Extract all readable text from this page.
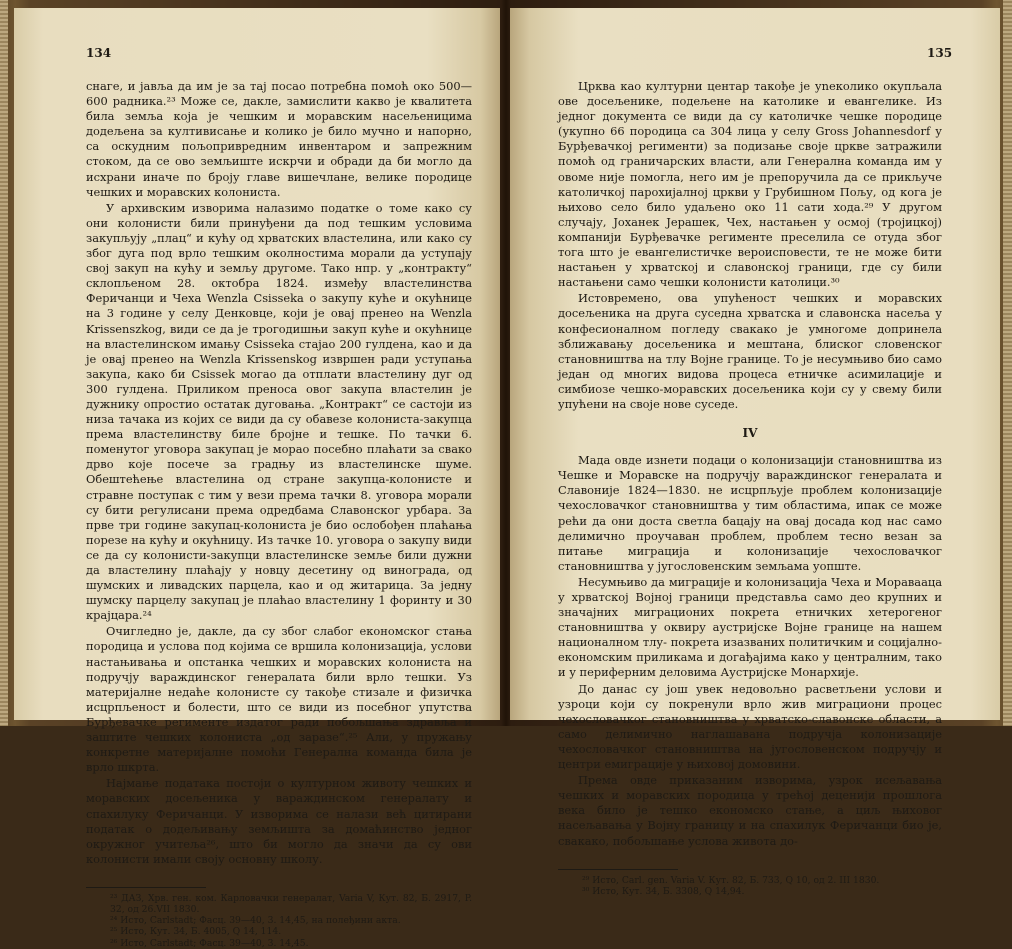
134

снаге, и јавља да им је за тај посао потребна помоћ око 500—600 радника.²³ Може се, дакле, замислити какво је квалитета била земља која је чешким и моравским насељеницима додељена за култивисање и колико је било мучно и напорно, са оскудним пољопривредним инвентаром и запрежним стоком, да се ово земљиште искрчи и обради да би могло да исхрани иначе по броју главе вишечлане, велике породице чешких и моравских колониста.

У архивским изворима налазимо податке о томе како су они колонисти били принуђени да под тешким условима закупљују „плац“ и кућу од хрватских властелина, или како су због дуга под врло тешким околностима морали да уступају свој закуп на кућу и земљу другоме. Тако нпр. у „контракту“ склопљеном 28. октобра 1824. између властелинства Феричанци и Чеха Wenzla Csisseka о закупу куће и окућнице на 3 године у селу Денковце, који је овај пренео на Wenzla Krissenszkog, види се да је трогодишњи закуп куће и окућнице на властелинском имању Csisseka стајао 200 гулдена, као и да је овај пренео на Wenzla Krissenskog извршен ради уступања закупа, како би Csissek могао да отплати властелину дуг од 300 гулдена. Приликом преноса овог закупа властелин је дужнику опростио остатак дуговања. „Контракт“ се састоји из низа тачака из којих се види да су обавезе колониста-закупца према властелинству биле бројне и тешке. По тачки 6. поменутог уговора закупац је морао посебно плаћати за свако дрво које посече за градњу из властелинске шуме. Обештећење властелина од стране закупца-колонисте и стравне поступак с тим у вези према тачки 8. уговора морали су бити регулисани према одредбама Славонског урбара. За прве три године закупац-колониста је био ослобођен плаћања порезе на кућу и окућницу. Из тачке 10. уговора о закупу види се да су колонисти-закупци властелинске земље били дужни да властелину плаћају у новцу десетину од винограда, од шумских и ливадских парцела, као и од житарица. За једну шумску парцелу закупац је плаћао властелину 1 форинту и 30 крајцара.²⁴

Очигледно је, дакле, да су због слабог економског стања породица и услова под којима се вршила колонизација, услови настањивања и опстанка чешких и моравских колониста на подручју вараждинског генералата били врло тешки. Уз материјалне недаће колонисте су такође стизале и физичка исцрпљеност и болести, што се види из посебног упутства Бурђевачке регименте издатог ради побољшања здравља и заштите чешких колониста „од заразе“.²⁵ Али, у пружању конкретне материјалне помоћи Генерална команда била је врло шкрта.

Најмање података постоји о културном животу чешких и моравских досељеника у вараждинском генералату и спахилуку Феричанци. У изворима се налази већ цитирани податак о додељивању земљишта за домаћинство једног окружног учитеља²⁶, што би могло да значи да су ови колонисти имали своју основну школу.

²³ ДАЗ, Хрв. ген. ком. Карловачки генералат, Varia V, Кут. 82, Б. 2917, P. 32, од 26.VII 1830.

²⁴ Исто, Carlstadt; Фасц. 39—40, 3. 14,45, на полеђини акта.

²⁵ Исто, Кут. 34, Б. 4005, Q 14, 114.

²⁶ Исто, Carlstadt; Фасц. 39—40, 3. 14,45.

135

Црква као културни центар такође је уnеколико окупљала ове досељенике, подељене на католике и евангелике. Из једног документа се види да су католичке чешке породице (укупно 66 породица са 304 лица у селу Gross Johannesdorf у Бурђевачкој регименти) за подизање своје цркве затражили помоћ од граничарских власти, али Генерална команда им у овоме није помогла, него им је препоручила да се прикључе католичкој парохијалној цркви у Грубишном Пољу, од кога је њихово село било удаљено око 11 сати хода.²⁹ У другом случају, Јоханек Јерашек, Чех, настањен у осмој (тројицкој) компанији Бурђевачке регименте преселила се отуда због тога што је евангелистичке вероисповести, те не може бити настањен у хрватској и славонској граници, где су били настањени само чешки колонисти католици.³⁰

Истовремено, ова упућеност чешких и моравских досељеника на друга суседна хрватска и славонска насеља у конфесионалном погледу свакако је умногоме допринела зближавању досељеника и мештана, блиског словенског становништва на тлу Војне границе. То је несумњиво био само један од многих видова процеса етничке асимилације и симбиозе чешко-моравских досељеника који су у свему били упућени на своје нове суседе.

IV

Мада овде изнети подаци о колонизацији становништва из Чешке и Моравске на подручју вараждинског генералата и Славоније 1824—1830. не исцрпљује проблем колонизације чехословачког становништва у тим областима, ипак се може рећи да они доста светла бацају на овај досада код нас само делимично проучаван проблем, проблем тесно везан за питање миграција и колонизације чехословачког становништва у југословенским земљама уопште.

Несумњиво да миграције и колонизација Чеха и Моравааца у хрватској Војној граници представља само део крупних и значајних миграционих покрета етничких хетерогеног становништва у оквиру аустријске Војне границе на нашем националном тлу- покрета изазваних политичким и социјално-економским приликама и догађајима како у централним, тако и у периферним деловима Аустријске Монархије.

До данас су још увек недовољно расветљени услови и узроци који су покренули врло жив миграциони процес чехословачког становништва у хрватско-славонске области, а само делимично наглашавана подручја колонизације чехословачког становништва на југословенском подручју и центри емиграције у њиховој домовини.

Према овде приказаним изворима, узрок исељавања чешких и моравских породица у трећој деценији прошлога века било је тешко економско стање, а циљ њиховог насељавања у Војну границу и на спахилук Феричанци био је, свакако, побољшање услова живота до-

²⁹ Исто, Carl. gen. Varia V. Кут. 82, Б. 733, Q 10, од 2. III 1830.

³⁰ Исто, Кут. 34, Б. 3308, Q 14,94.
